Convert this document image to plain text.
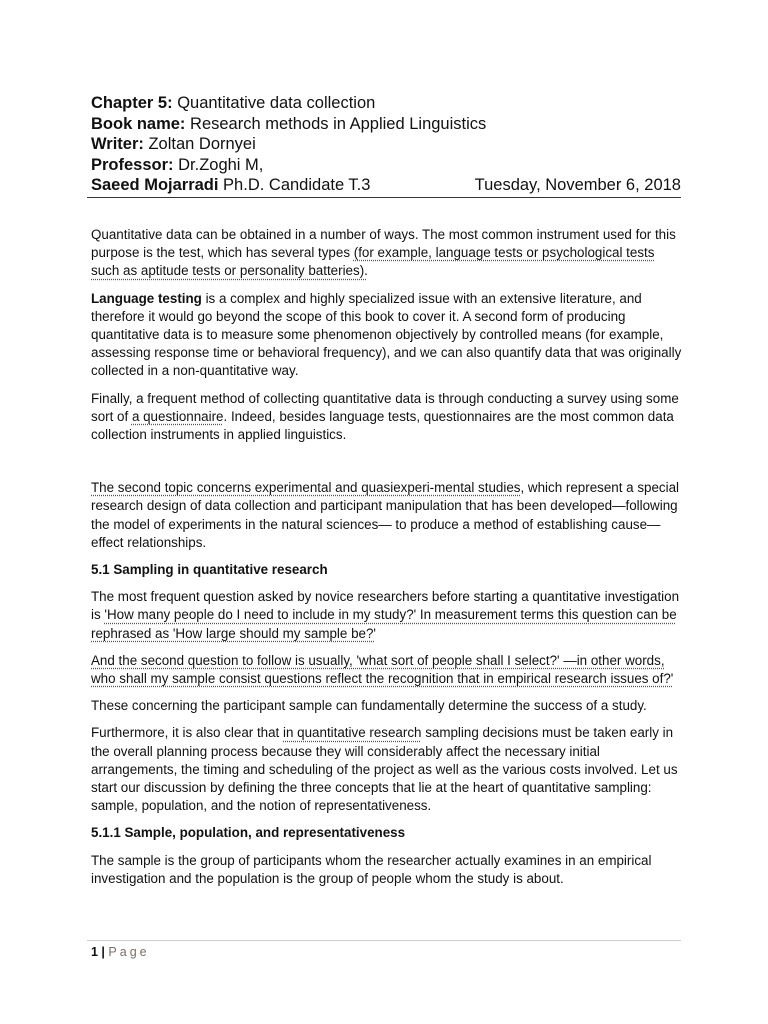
Chapter 5: Quantitative data collection
Book name: Research methods in Applied Linguistics
Writer: Zoltan Dornyei
Professor: Dr.Zoghi M,
Saeed Mojarradi Ph.D. Candidate T.3	Tuesday, November 6, 2018

Quantitative data can be obtained in a number of ways. The most common instrument used for this purpose is the test, which has several types (for example, language tests or psychological tests such as aptitude tests or personality batteries).

Language testing is a complex and highly specialized issue with an extensive literature, and therefore it would go beyond the scope of this book to cover it. A second form of producing quantitative data is to measure some phenomenon objectively by controlled means (for example, assessing response time or behavioral frequency), and we can also quantify data that was originally collected in a non-quantitative way.

Finally, a frequent method of collecting quantitative data is through conducting a survey using some sort of a questionnaire. Indeed, besides language tests, questionnaires are the most common data collection instruments in applied linguistics.

The second topic concerns experimental and quasiexperi-mental studies, which represent a special research design of data collection and participant manipulation that has been developed—following the model of experiments in the natural sciences— to produce a method of establishing cause—effect relationships.

5.1 Sampling in quantitative research

The most frequent question asked by novice researchers before starting a quantitative investigation is 'How many people do I need to include in my study?' In measurement terms this question can be rephrased as 'How large should my sample be?'

And the second question to follow is usually, 'what sort of people shall I select?' —in other words, who shall my sample consist questions reflect the recognition that in empirical research issues of?'

These concerning the participant sample can fundamentally determine the success of a study.

Furthermore, it is also clear that in quantitative research sampling decisions must be taken early in the overall planning process because they will considerably affect the necessary initial arrangements, the timing and scheduling of the project as well as the various costs involved. Let us start our discussion by defining the three concepts that lie at the heart of quantitative sampling: sample, population, and the notion of representativeness.

5.1.1 Sample, population, and representativeness

The sample is the group of participants whom the researcher actually examines in an empirical investigation and the population is the group of people whom the study is about.

1 | Page
